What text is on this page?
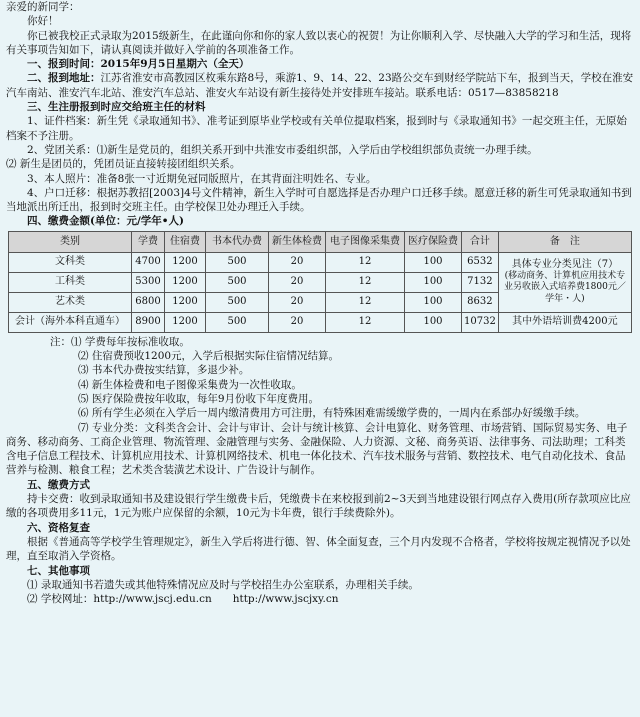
亲爱的新同学：

你好！

你已被我校正式录取为2015级新生，在此谨向你和你的家人致以衷心的祝贺！为让你顺利入学、尽快融入大学的学习和生活，现将有关事项告知如下，请认真阅读并做好入学前的各项准备工作。

一、报到时间：2015年9月5日星期六（全天）

二、报到地址：江苏省淮安市高教园区枚乘东路8号，乘游1、9、14、22、23路公交车到财经学院站下车，报到当天，学校在淮安汽车南站、淮安汽车北站、淮安汽车总站、淮安火车站设有新生接待处并安排班车接站。联系电话：0517—83858218

三、生注册报到时应交给班主任的材料

1、证件档案：新生凭《录取通知书》、准考证到原毕业学校或有关单位提取档案，报到时与《录取通知书》一起交班主任，无原始档案不予注册。

2、党团关系：⑴新生是党员的，组织关系开到中共淮安市委组织部，入学后由学校组织部负责统一办理手续。

⑵ 新生是团员的，凭团员证直接转接团组织关系。

3、本人照片：准备8张一寸近期免冠同版照片，在其背面注明姓名、专业。

4、户口迁移：根据苏教招[2003]4号文件精神，新生入学时可自愿选择是否办理户口迁移手续。愿意迁移的新生可凭录取通知书到当地派出所迁出，报到时交班主任。由学校保卫处办理迁入手续。

四、缴费金额(单位：元/学年•人)

类别	学费	住宿费	书本代办费	新生体检费	电子图像采集费	医疗保险费	合计	备　注
文科类	4700	1200	500	20	12	100	6532	具体专业分类见注（7）
(移动商务、计算机应用技术专业另收嵌入式培养费1800元／学年・人)

工科类	5300	1200	500	20	12	100	7132	
艺术类	6800	1200	500	20	12	100	8632	
会计（海外本科直通车）	8900	1200	500	20	12	100	10732	其中外语培训费4200元

注：⑴ 学费每年按标准收取。

⑵ 住宿费预收1200元，入学后根据实际住宿情况结算。

⑶ 书本代办费按实结算，多退少补。

⑷ 新生体检费和电子图像采集费为一次性收取。

⑸ 医疗保险费按年收取，每年9月份收下年度费用。

⑹ 所有学生必须在入学后一周内缴清费用方可注册，有特殊困难需缓缴学费的，一周内在系部办好缓缴手续。

⑺ 专业分类：文科类含会计、会计与审计、会计与统计核算、会计电算化、财务管理、市场营销、国际贸易实务、电子商务、移动商务、工商企业管理、物流管理、金融管理与实务、金融保险、人力资源、文秘、商务英语、法律事务、司法助理；工科类含电子信息工程技术、计算机应用技术、计算机网络技术、机电一体化技术、汽车技术服务与营销、数控技术、电气自动化技术、食品营养与检测、粮食工程；艺术类含装潢艺术设计、广告设计与制作。

五、缴费方式

持卡交费：收到录取通知书及建设银行学生缴费卡后，凭缴费卡在来校报到前2~3天到当地建设银行网点存入费用(所存款项应比应缴的各项费用多11元，1元为账户应保留的余额，10元为卡年费，银行手续费除外)。

六、资格复查

根据《普通高等学校学生管理规定》，新生入学后将进行德、智、体全面复查，三个月内发现不合格者，学校将按规定视情况予以处理，直至取消入学资格。

七、其他事项

⑴ 录取通知书若遗失或其他特殊情况应及时与学校招生办公室联系，办理相关手续。

⑵ 学校网址：http://www.jscj.edu.cn　　http://www.jscjxy.cn
